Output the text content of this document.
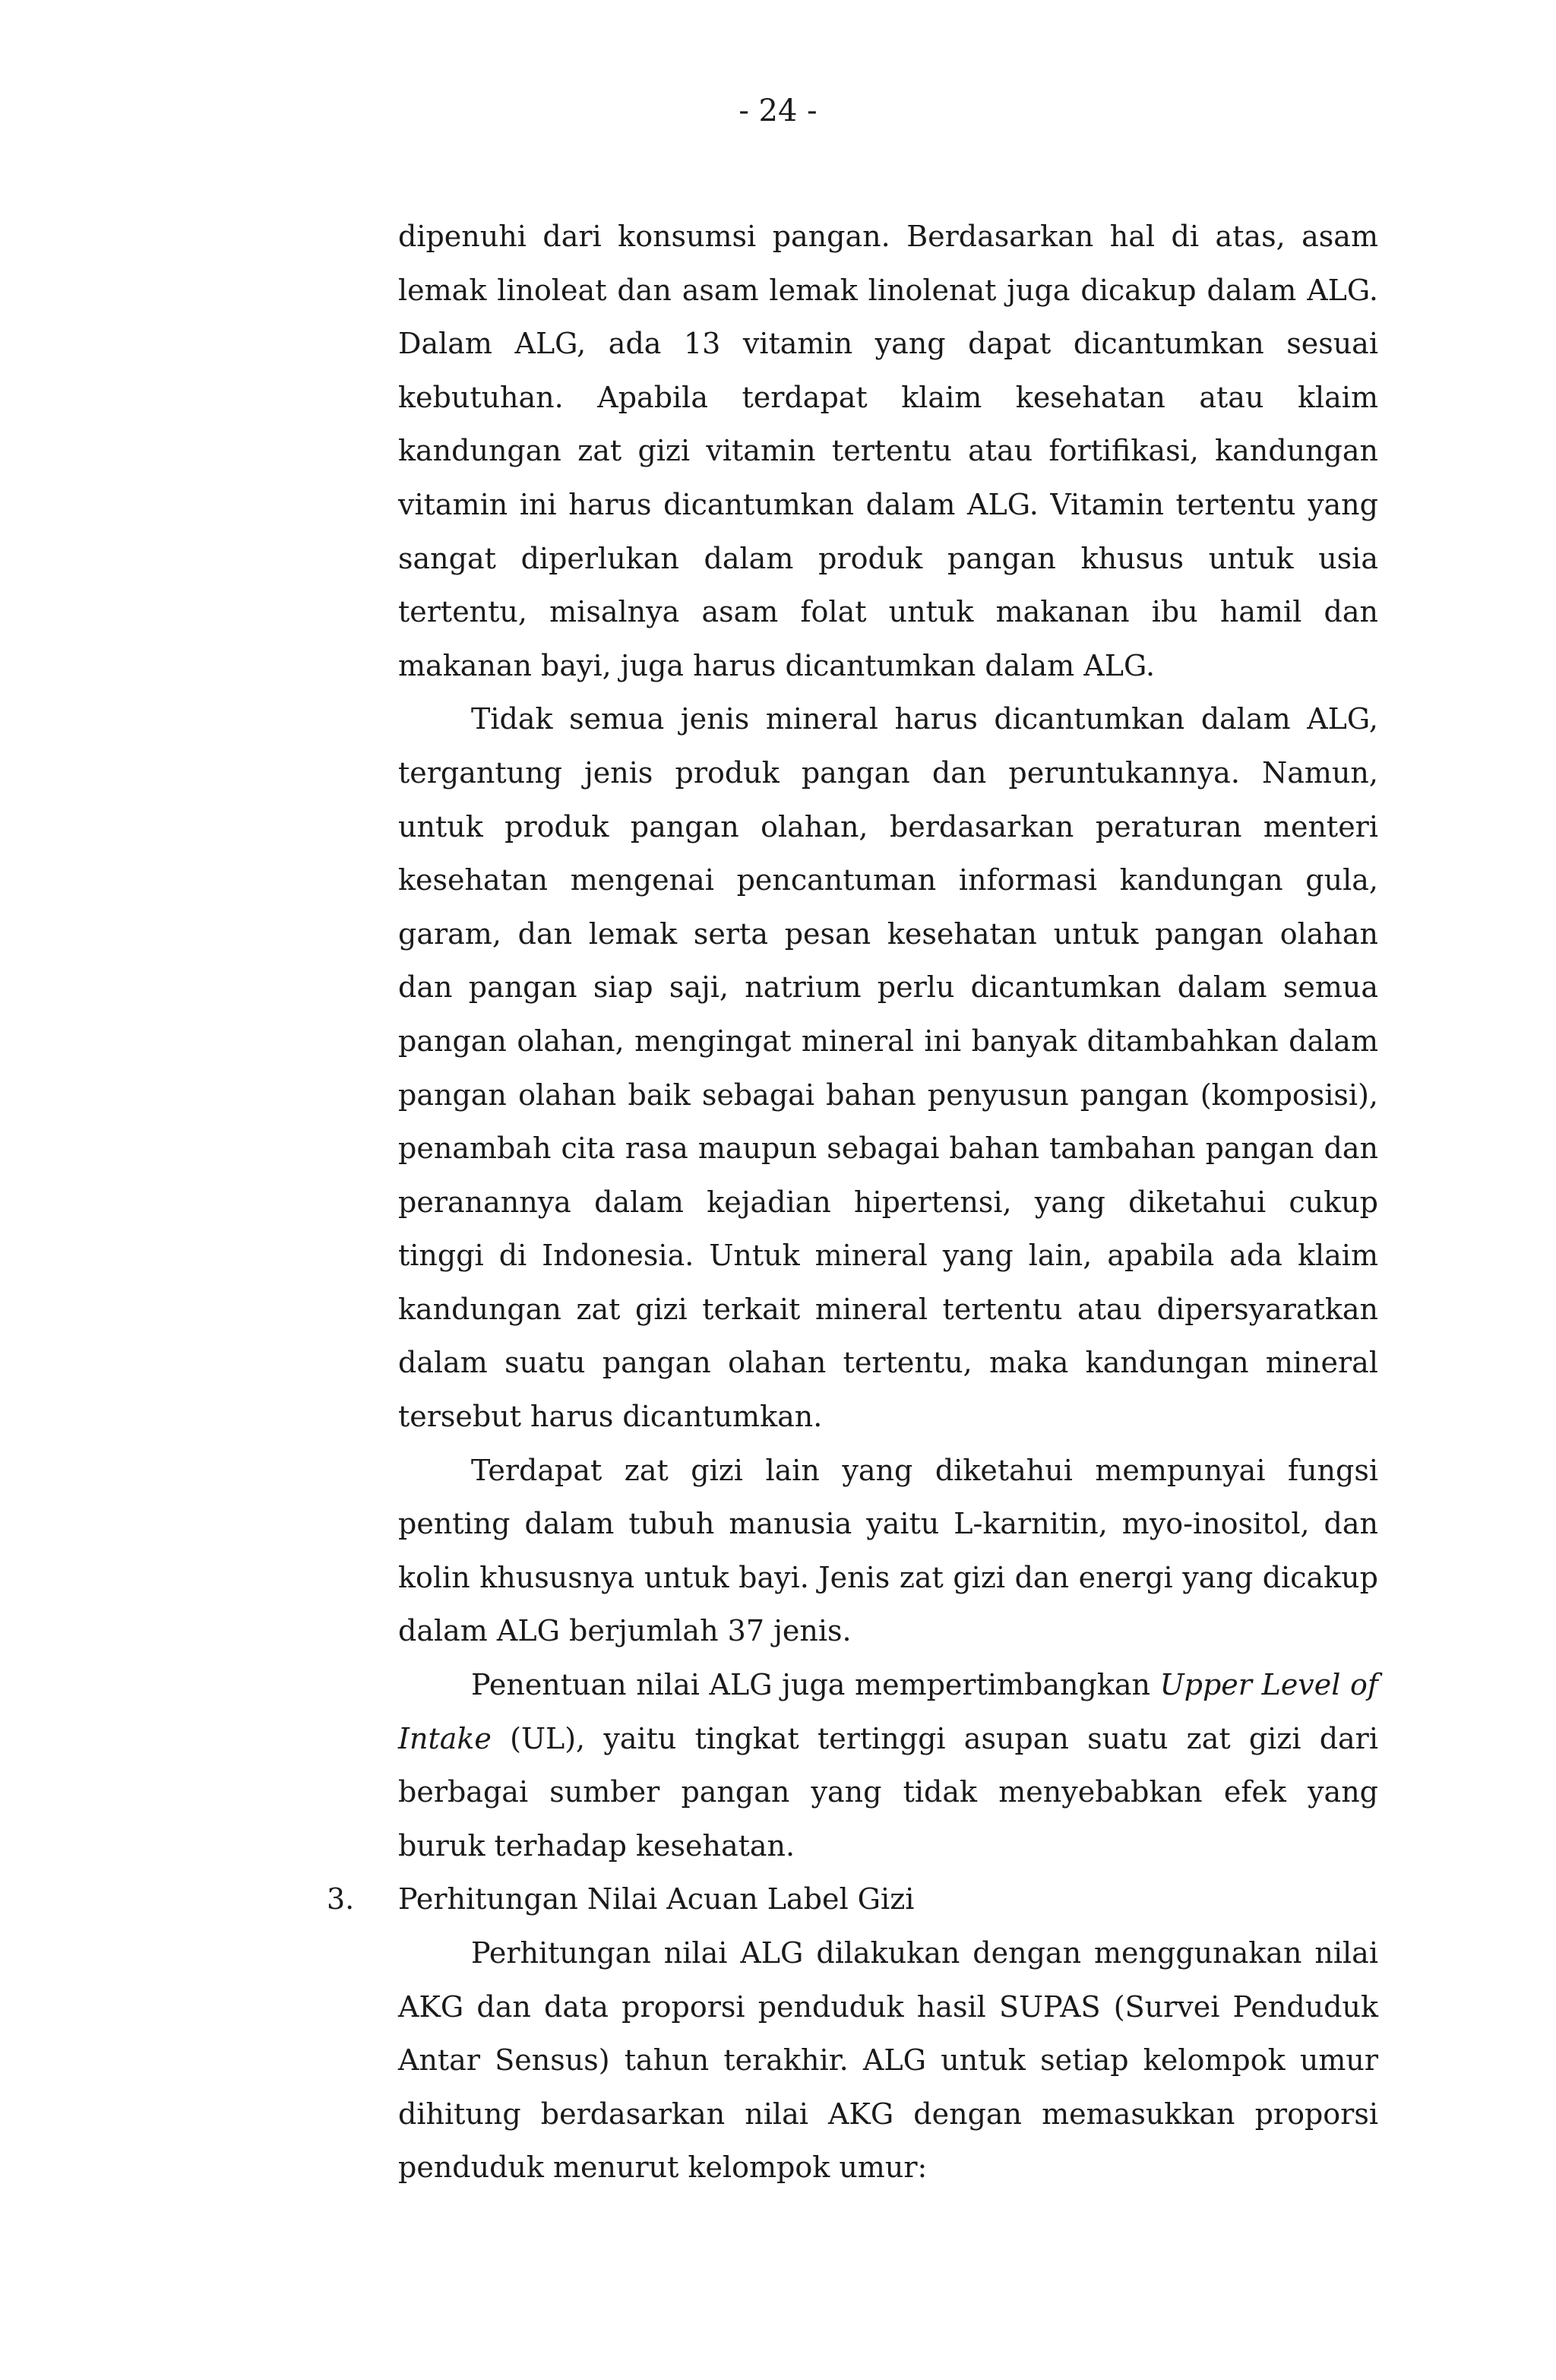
- 24 -

dipenuhi dari konsumsi pangan. Berdasarkan hal di atas, asam lemak linoleat dan asam lemak linolenat juga dicakup dalam ALG. Dalam ALG, ada 13 vitamin yang dapat dicantumkan sesuai kebutuhan. Apabila terdapat klaim kesehatan atau klaim kandungan zat gizi vitamin tertentu atau fortifikasi, kandungan vitamin ini harus dicantumkan dalam ALG. Vitamin tertentu yang sangat diperlukan dalam produk pangan khusus untuk usia tertentu, misalnya asam folat untuk makanan ibu hamil dan makanan bayi, juga harus dicantumkan dalam ALG.

Tidak semua jenis mineral harus dicantumkan dalam ALG, tergantung jenis produk pangan dan peruntukannya. Namun, untuk produk pangan olahan, berdasarkan peraturan menteri kesehatan mengenai pencantuman informasi kandungan gula, garam, dan lemak serta pesan kesehatan untuk pangan olahan dan pangan siap saji, natrium perlu dicantumkan dalam semua pangan olahan, mengingat mineral ini banyak ditambahkan dalam pangan olahan baik sebagai bahan penyusun pangan (komposisi), penambah cita rasa maupun sebagai bahan tambahan pangan dan peranannya dalam kejadian hipertensi, yang diketahui cukup tinggi di Indonesia. Untuk mineral yang lain, apabila ada klaim kandungan zat gizi terkait mineral tertentu atau dipersyaratkan dalam suatu pangan olahan tertentu, maka kandungan mineral tersebut harus dicantumkan.

Terdapat zat gizi lain yang diketahui mempunyai fungsi penting dalam tubuh manusia yaitu L-karnitin, myo-inositol, dan kolin khususnya untuk bayi. Jenis zat gizi dan energi yang dicakup dalam ALG berjumlah 37 jenis.

Penentuan nilai ALG juga mempertimbangkan Upper Level of Intake (UL), yaitu tingkat tertinggi asupan suatu zat gizi dari berbagai sumber pangan yang tidak menyebabkan efek yang buruk terhadap kesehatan.

3. Perhitungan Nilai Acuan Label Gizi

Perhitungan nilai ALG dilakukan dengan menggunakan nilai AKG dan data proporsi penduduk hasil SUPAS (Survei Penduduk Antar Sensus) tahun terakhir. ALG untuk setiap kelompok umur dihitung berdasarkan nilai AKG dengan memasukkan proporsi penduduk menurut kelompok umur:
